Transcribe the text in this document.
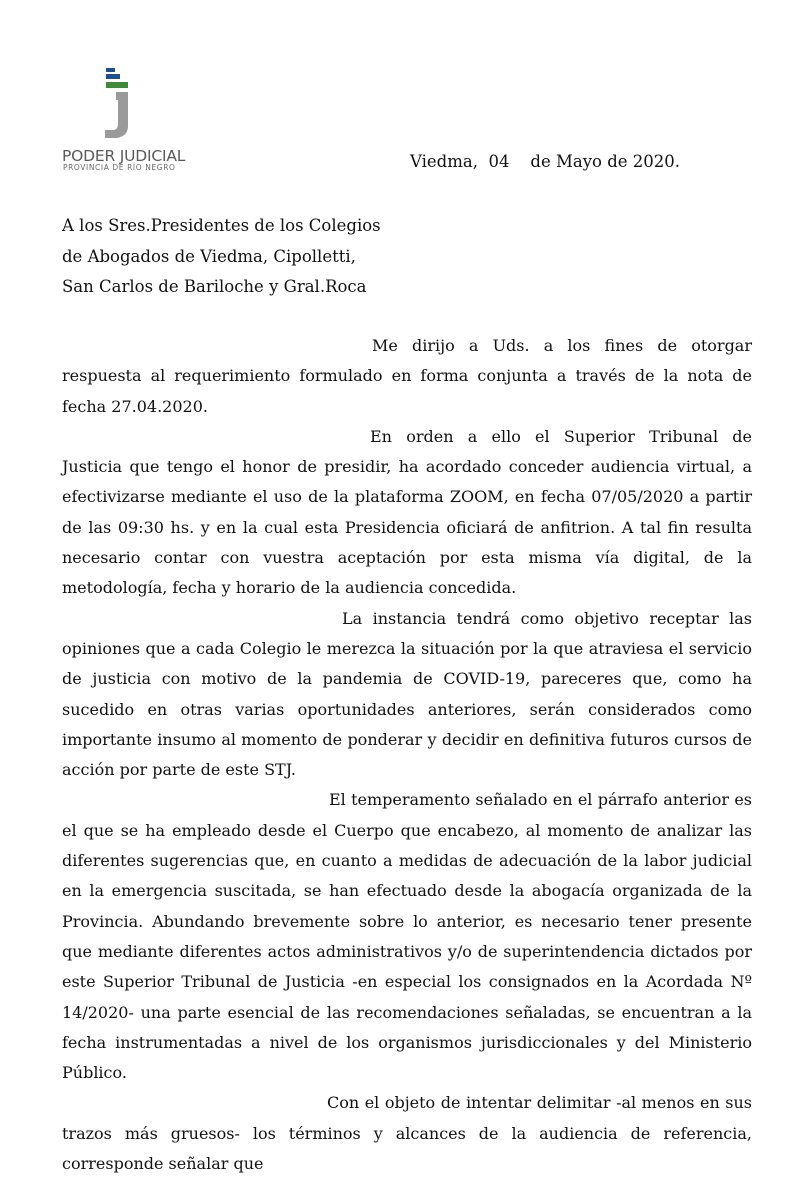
PODER JUDICIAL
PROVINCIA DE RÍO NEGRO	Viedma,  04    de Mayo de 2020.
A los Sres.Presidentes de los Colegios
de Abogados de Viedma, Cipolletti,
San Carlos de Bariloche y Gral.Roca

Me dirijo a Uds. a los fines de otorgar respuesta al requerimiento formulado en forma conjunta a través de la nota de fecha 27.04.2020.

En orden a ello el Superior Tribunal de Justicia que tengo el honor de presidir, ha acordado conceder audiencia virtual, a efectivizarse mediante el uso de la plataforma ZOOM, en fecha 07/05/2020 a partir de las 09:30 hs. y en la cual esta Presidencia oficiará de anfitrion. A tal fin resulta necesario contar con vuestra aceptación por esta misma vía digital, de la metodología, fecha y horario de la audiencia concedida.

La instancia tendrá como objetivo receptar las opiniones que a cada Colegio le merezca la situación por la que atraviesa el servicio de justicia con motivo de la pandemia de COVID-19, pareceres que, como ha sucedido en otras varias oportunidades anteriores, serán considerados como importante insumo al momento de ponderar y decidir en definitiva futuros cursos de acción por parte de este STJ.

El temperamento señalado en el párrafo anterior es el que se ha empleado desde el Cuerpo que encabezo, al momento de analizar las diferentes sugerencias que, en cuanto a medidas de adecuación de la labor judicial en la emergencia suscitada, se han efectuado desde la abogacía organizada de la Provincia. Abundando brevemente sobre lo anterior, es necesario tener presente que mediante diferentes actos administrativos y/o de superintendencia dictados por este Superior Tribunal de Justicia -en especial los consignados en la Acordada Nº 14/2020- una parte esencial de las recomendaciones señaladas, se encuentran a la fecha instrumentadas a nivel de los organismos jurisdiccionales y del Ministerio Público.

Con el objeto de intentar delimitar -al menos en sus trazos más gruesos- los términos y alcances de la audiencia de referencia, corresponde señalar que
